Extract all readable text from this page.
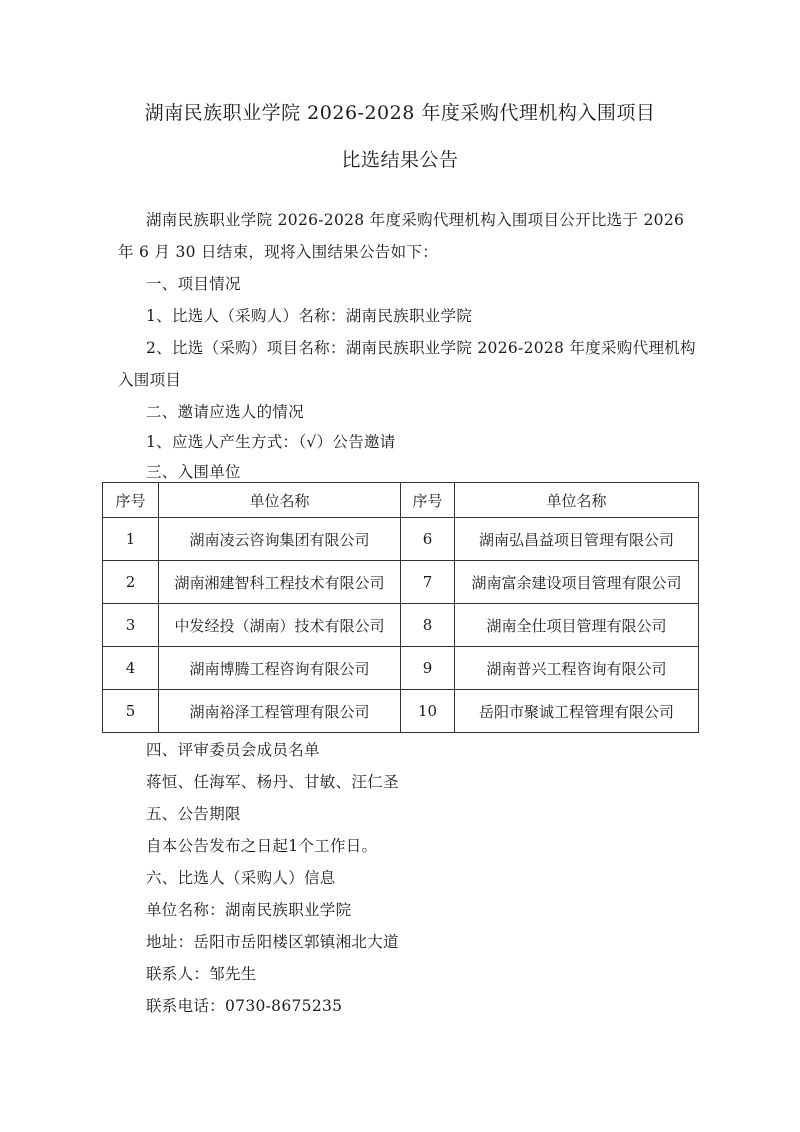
湖南民族职业学院 2026-2028 年度采购代理机构入围项目
比选结果公告
湖南民族职业学院 2026-2028 年度采购代理机构入围项目公开比选于 2026
年 6 月 30 日结束，现将入围结果公告如下：
一、项目情况
1、比选人（采购人）名称：湖南民族职业学院
2、比选（采购）项目名称：湖南民族职业学院 2026-2028 年度采购代理机构
入围项目
二、邀请应选人的情况
1、应选人产生方式：（√）公告邀请
三、入围单位
序号	单位名称	序号	单位名称
1	湖南凌云咨询集团有限公司	6	湖南弘昌益项目管理有限公司
2	湖南湘建智科工程技术有限公司	7	湖南富余建设项目管理有限公司
3	中发经投（湖南）技术有限公司	8	湖南全仕项目管理有限公司
4	湖南博腾工程咨询有限公司	9	湖南普兴工程咨询有限公司
5	湖南裕泽工程管理有限公司	10	岳阳市聚诚工程管理有限公司
四、评审委员会成员名单
蒋恒、任海军、杨丹、甘敏、汪仁圣
五、公告期限
自本公告发布之日起1个工作日。
六、比选人（采购人）信息
单位名称：湖南民族职业学院
地址：岳阳市岳阳楼区郭镇湘北大道
联系人：邹先生
联系电话：0730-8675235
